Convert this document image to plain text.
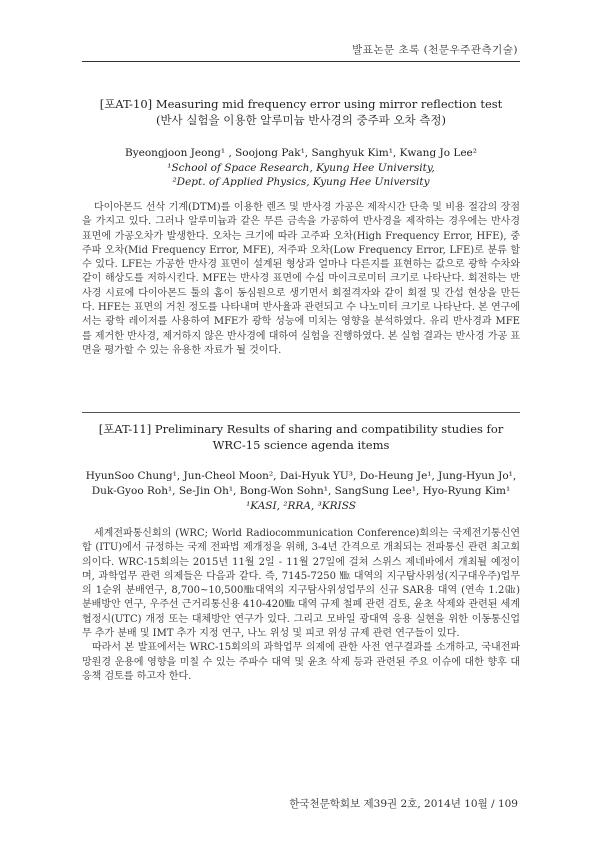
발표논문 초록 (천문우주관측기술)

[포AT-10] Measuring mid frequency error using mirror reflection test

(반사 실험을 이용한 알루미늄 반사경의 중주파 오차 측정)

Byeongjoon Jeong¹ , Soojong Pak¹, Sanghyuk Kim¹, Kwang Jo Lee²

¹School of Space Research, Kyung Hee University,

²Dept. of Applied Physics, Kyung Hee University

다이아몬드 선삭 기계(DTM)를 이용한 렌즈 및 반사경 가공은 제작시간 단축 및 비용 절감의 장점을 가지고 있다. 그러나 알루미늄과 같은 무른 금속을 가공하여 반사경을 제작하는 경우에는 반사경 표면에 가공오차가 발생한다. 오차는 크기에 따라 고주파 오차(High Frequency Error, HFE), 중주파 오차(Mid Frequency Error, MFE), 저주파 오차(Low Frequency Error, LFE)로 분류 할 수 있다. LFE는 가공한 반사경 표면이 설계된 형상과 얼마나 다른지를 표현하는 값으로 광학 수차와 같이 해상도를 저하시킨다. MFE는 반사경 표면에 수십 마이크로미터 크기로 나타난다. 회전하는 반사경 시료에 다이아몬드 툴의 홈이 동심원으로 생기면서 회절격자와 같이 회절 및 간섭 현상을 만든다. HFE는 표면의 거친 정도를 나타내며 반사율과 관련되고 수 나노미터 크기로 나타난다. 본 연구에서는 광학 레이저를 사용하여 MFE가 광학 성능에 미치는 영향을 분석하였다. 유리 반사경과 MFE를 제거한 반사경, 제거하지 않은 반사경에 대하여 실험을 진행하였다. 본 실험 결과는 반사경 가공 표면을 평가할 수 있는 유용한 자료가 될 것이다.

[포AT-11] Preliminary Results of sharing and compatibility studies for

WRC-15 science agenda items

HyunSoo Chung¹, Jun-Cheol Moon², Dai-Hyuk YU³, Do-Heung Je¹, Jung-Hyun Jo¹, Duk-Gyoo Roh¹, Se-Jin Oh¹, Bong-Won Sohn¹, SangSung Lee¹, Hyo-Ryung Kim¹

¹KASI, ²RRA, ³KRISS

세계전파통신회의 (WRC; World Radiocommunication Conference)회의는 국제전기통신연합 (ITU)에서 규정하는 국제 전파법 제개정을 위해, 3-4년 간격으로 개최되는 전파통신 관련 최고회의이다. WRC-15회의는 2015년 11월 2일 - 11월 27일에 걸쳐 스위스 제네바에서 개최될 예정이며, 과학업무 관련 의제들은 다음과 같다. 즉, 7145-7250 ㎒ 대역의 지구탐사위성(지구대우주)업무의 1순위 분배연구, 8,700~10,500㎒대역의 지구탐사위성업무의 신규 SAR용 대역 (연속 1.2㎓) 분배방안 연구, 우주선 근거리통신용 410-420㎒ 대역 규제 철폐 관련 검토, 윤초 삭제와 관련된 세계협정시(UTC) 개정 또는 대체방안 연구가 있다. 그리고 모바일 광대역 응용 실현을 위한 이동통신업무 추가 분배 및 IMT 추가 지정 연구, 나노 위성 및 피코 위성 규제 관련 연구들이 있다.

따라서 본 발표에서는 WRC-15회의의 과학업무 의제에 관한 사전 연구결과를 소개하고, 국내전파망원경 운용에 영향을 미칠 수 있는 주파수 대역 및 윤초 삭제 등과 관련된 주요 이슈에 대한 향후 대응책 검토를 하고자 한다.

한국천문학회보 제39권 2호, 2014년 10월 / 109
